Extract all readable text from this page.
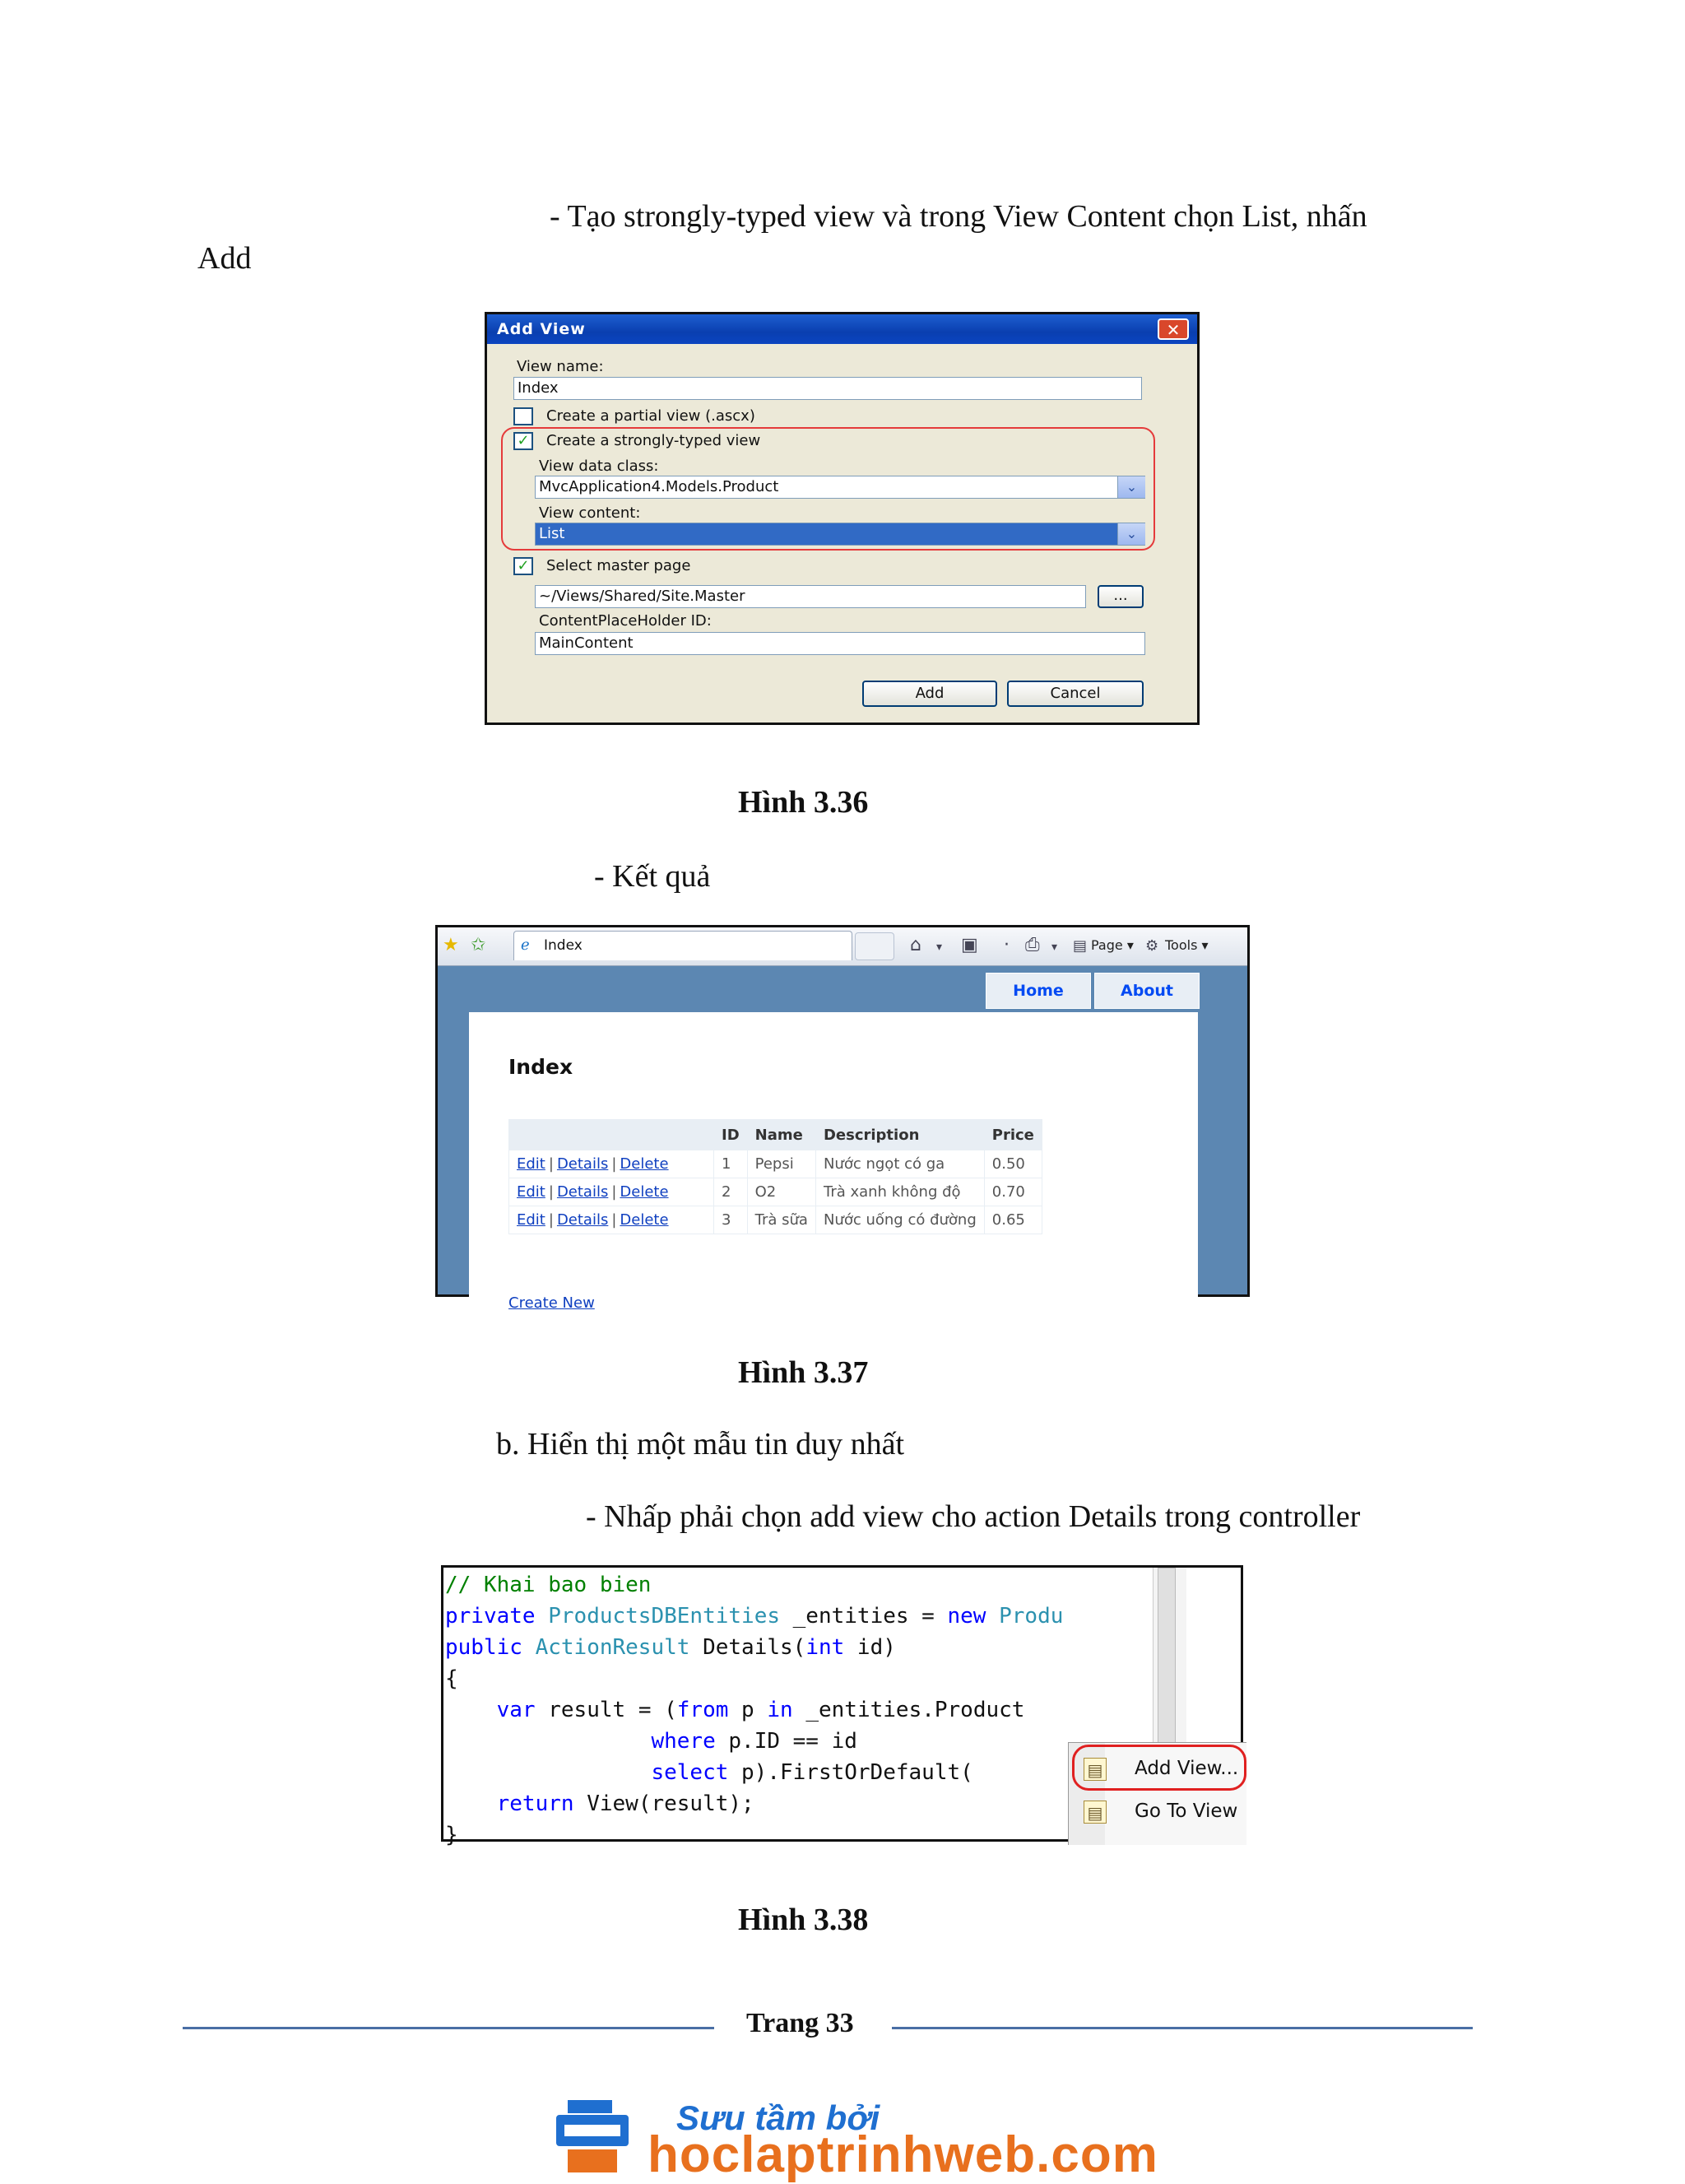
- Tạo strongly-typed view và trong View Content chọn List, nhấn
Add
Add View	✕
View name:
Index
Create a partial view (.ascx)
✓ Create a strongly-typed view
View data class:
MvcApplication4.Models.Product	⌄
View content:
List	⌄
✓ Select master page
~/Views/Shared/Site.Master	...
ContentPlaceHolder ID:
MainContent
Add	Cancel
Hình 3.36
- Kết quả
★ ✩ ℯ Index	⌂ ▾ ▣ · ⎙ ▾ ▤ Page ▾ ⚙ Tools ▾
Home	About
Index
	ID	Name	Description	Price
Edit | Details | Delete	1	Pepsi	Nước ngọt có ga	0.50
Edit | Details | Delete	2	O2	Trà xanh không độ	0.70
Edit | Details | Delete	3	Trà sữa	Nước uống có đường	0.65
Create New
Hình 3.37
b. Hiển thị một mẫu tin duy nhất
- Nhấp phải chọn add view cho action Details trong controller
// Khai bao bien
private ProductsDBEntities _entities = new Produ
public ActionResult Details(int id)
{
var result = (from p in _entities.Product
where p.ID == id
select p).FirstOrDefault(
return View(result);
}
▤ Add View...
▤ Go To View
Hình 3.38
Trang 33
Sưu tầm bởi
hoclaptrinhweb.com
